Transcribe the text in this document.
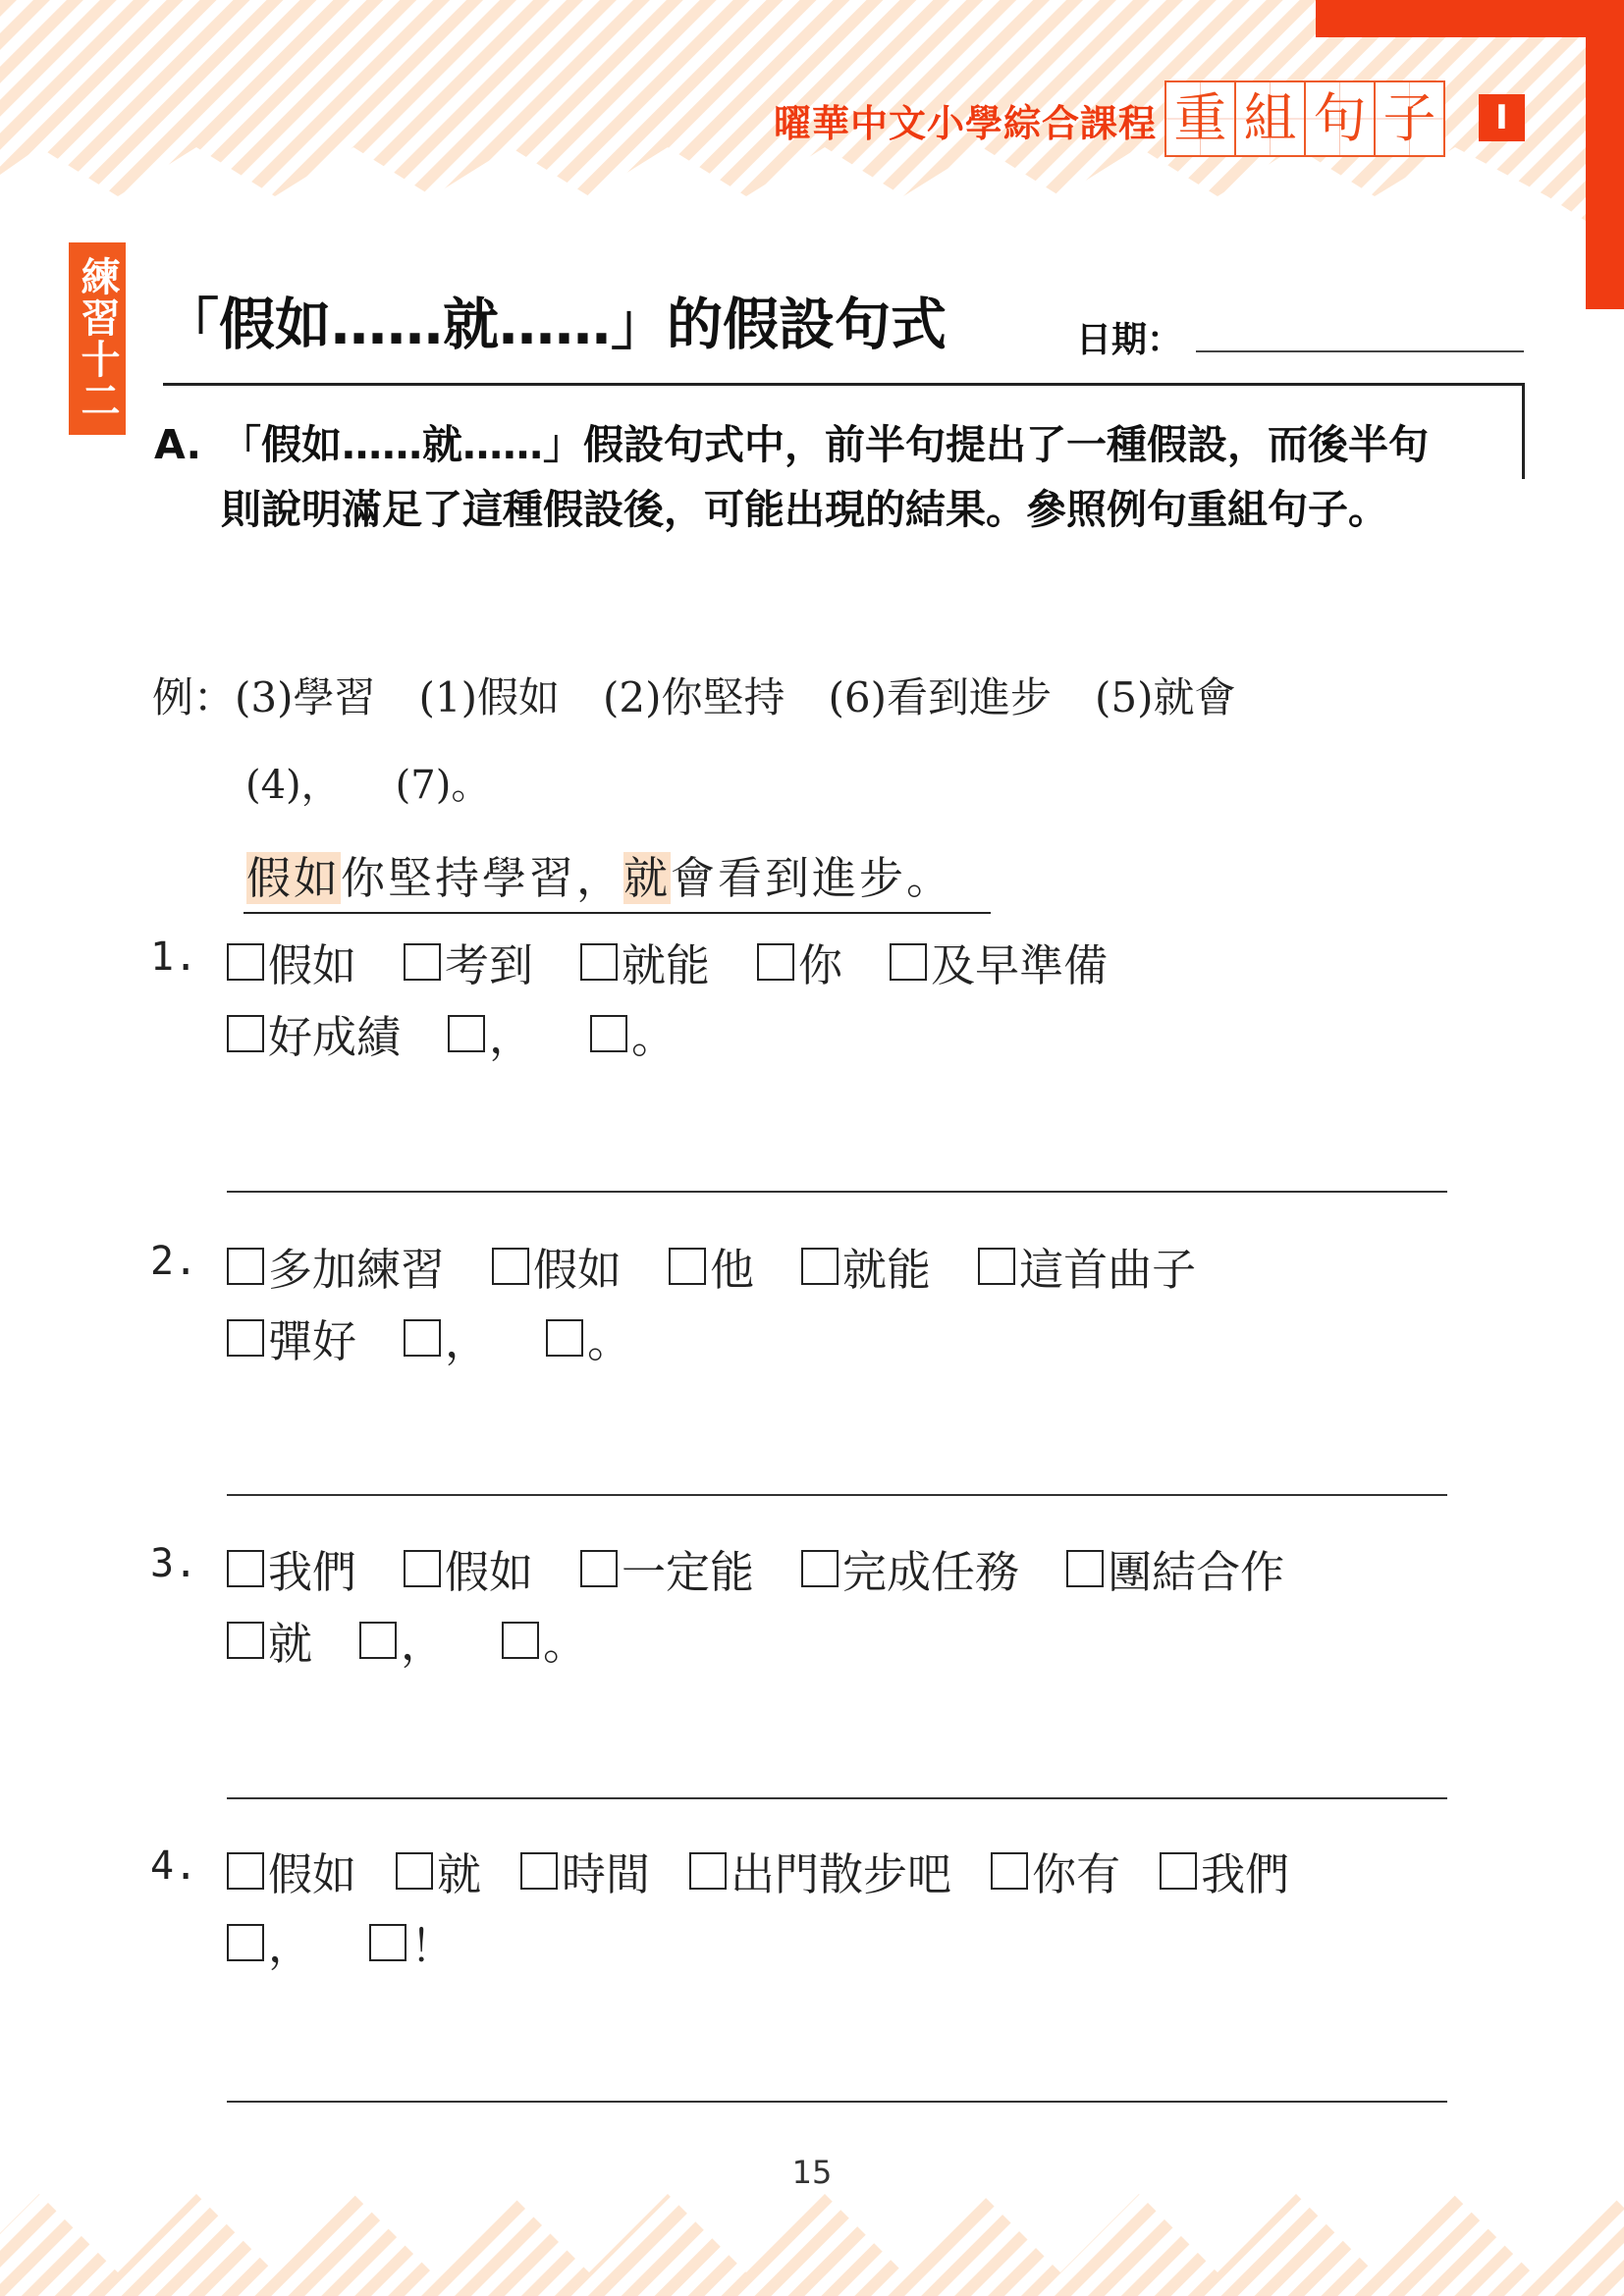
曜華中文小學綜合課程 重 組 句 子	I
練習十二 「假如……就……」的假設句式	日期：
A. 「假如……就……」假設句式中，前半句提出了一種假設，而後半句則說明滿足了這種假設後，可能出現的結果。參照例句重組句子。
例：(3)學習 (1)假如 (2)你堅持 (6)看到進步 (5)就會
(4)， (7)。
假如你堅持學習，就會看到進步。
1. 假如 考到 就能 你 及早準備
好成績 ， 。
2. 多加練習 假如 他 就能 這首曲子
彈好 ， 。
3. 我們 假如 一定能 完成任務 團結合作
就 ， 。
4. 假如 就 時間 出門散步吧 你有 我們
， ！
15
